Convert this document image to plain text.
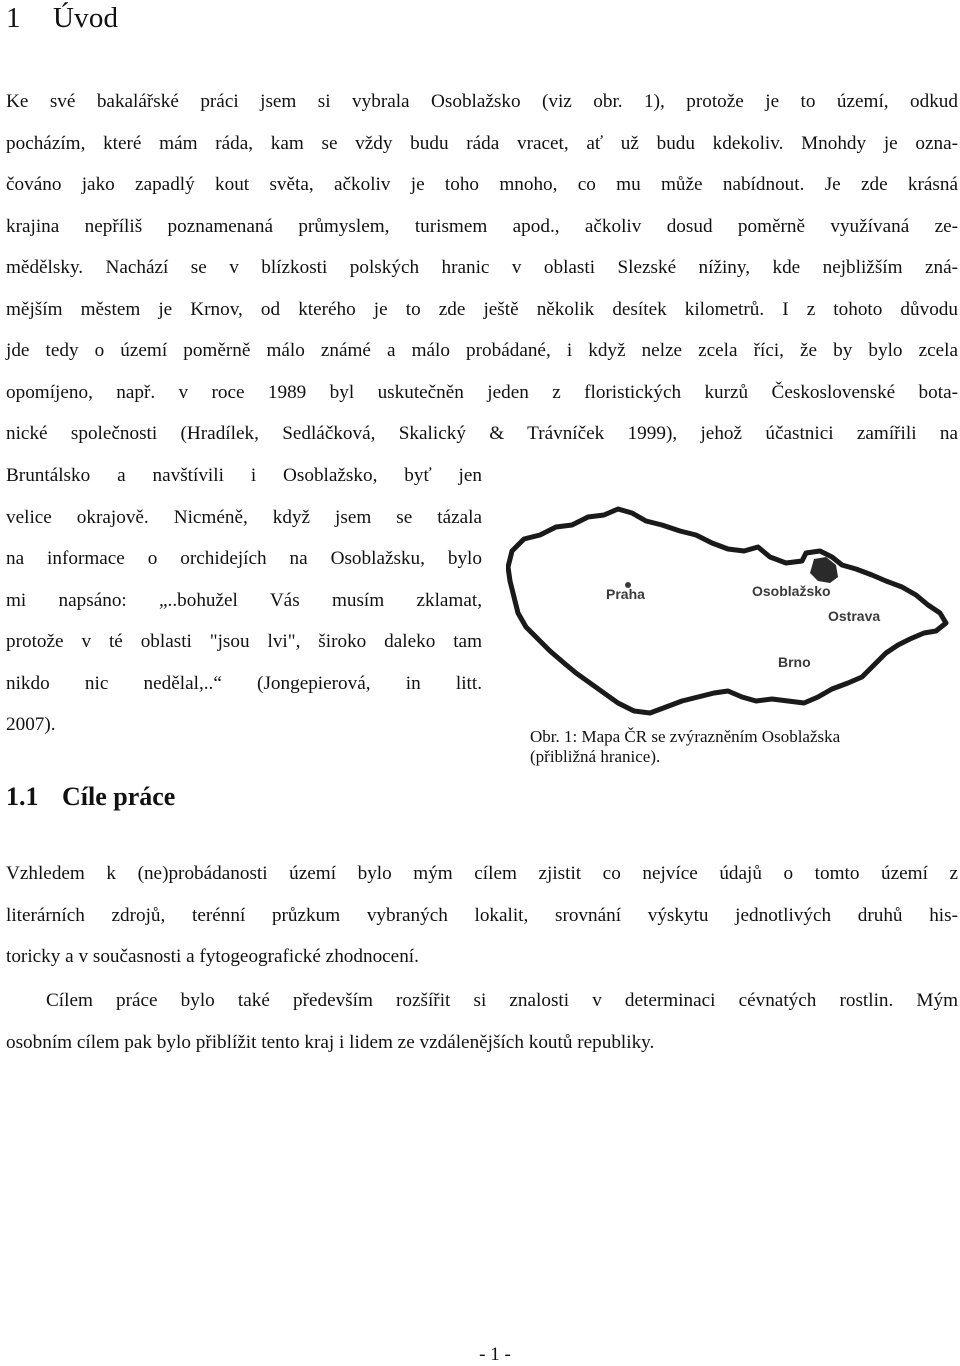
1 Úvod
Ke své bakalářské práci jsem si vybrala Osoblažsko (viz obr. 1), protože je to území, odkud
pocházím, které mám ráda, kam se vždy budu ráda vracet, ať už budu kdekoliv. Mnohdy je ozna-
čováno jako zapadlý kout světa, ačkoliv je toho mnoho, co mu může nabídnout. Je zde krásná
krajina nepříliš poznamenaná průmyslem, turismem apod., ačkoliv dosud poměrně využívaná ze-
mědělsky. Nachází se v blízkosti polských hranic v oblasti Slezské nížiny, kde nejbližším zná-
mějším městem je Krnov, od kterého je to zde ještě několik desítek kilometrů. I z tohoto důvodu
jde tedy o území poměrně málo známé a málo probádané, i když nelze zcela říci, že by bylo zcela
opomíjeno, např. v roce 1989 byl uskutečněn jeden z floristických kurzů Československé bota-
nické společnosti (Hradílek, Sedláčková, Skalický & Trávníček 1999), jehož účastnici zamířili na
Bruntálsko a navštívili i Osoblažsko, byť jen
velice okrajově. Nicméně, když jsem se tázala
na informace o orchidejích na Osoblažsku, bylo
mi napsáno: „..bohužel Vás musím zklamat,
protože v té oblasti "jsou lvi", široko daleko tam
nikdo nic nedělal,..“ (Jongepierová, in litt.
2007).
Praha	Osoblažsko
Ostrava
Brno
Obr. 1: Mapa ČR se zvýrazněním Osoblažska
(přibližná hranice).
1.1 Cíle práce
Vzhledem k (ne)probádanosti území bylo mým cílem zjistit co nejvíce údajů o tomto území z
literárních zdrojů, terénní průzkum vybraných lokalit, srovnání výskytu jednotlivých druhů his-
toricky a v současnosti a fytogeografické zhodnocení.
Cílem práce bylo také především rozšířit si znalosti v determinaci cévnatých rostlin. Mým
osobním cílem pak bylo přiblížit tento kraj i lidem ze vzdálenějších koutů republiky.
- 1 -
